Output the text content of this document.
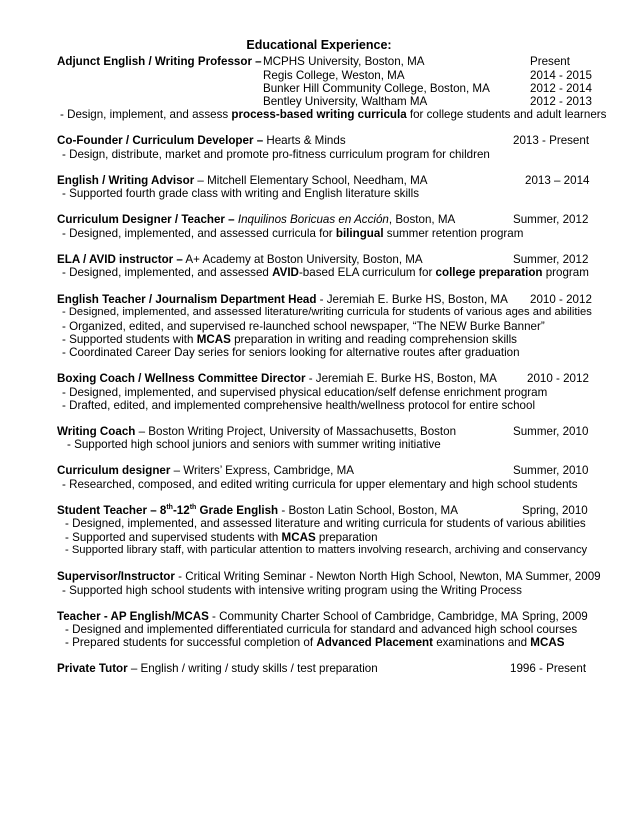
Educational Experience:
Adjunct English / Writing Professor – MCPHS University, Boston, MA	Present
Regis College, Weston, MA	2014 - 2015
Bunker Hill Community College, Boston, MA	2012 - 2014
Bentley University, Waltham MA	2012 - 2013
- Design, implement, and assess process-based writing curricula for college students and adult learners
Co-Founder / Curriculum Developer – Hearts & Minds	2013 - Present
- Design, distribute, market and promote pro-fitness curriculum program for children
English / Writing Advisor – Mitchell Elementary School, Needham, MA	2013 – 2014
- Supported fourth grade class with writing and English literature skills
Curriculum Designer / Teacher – Inquilinos Boricuas en Acción, Boston, MA	Summer, 2012
- Designed, implemented, and assessed curricula for bilingual summer retention program
ELA / AVID instructor – A+ Academy at Boston University, Boston, MA	Summer, 2012
- Designed, implemented, and assessed AVID-based ELA curriculum for college preparation program
English Teacher / Journalism Department Head - Jeremiah E. Burke HS, Boston, MA 2010 - 2012
- Designed, implemented, and assessed literature/writing curricula for students of various ages and abilities
- Organized, edited, and supervised re-launched school newspaper, “The NEW Burke Banner”
- Supported students with MCAS preparation in writing and reading comprehension skills
- Coordinated Career Day series for seniors looking for alternative routes after graduation
Boxing Coach / Wellness Committee Director - Jeremiah E. Burke HS, Boston, MA	2010 - 2012
- Designed, implemented, and supervised physical education/self defense enrichment program
- Drafted, edited, and implemented comprehensive health/wellness protocol for entire school
Writing Coach – Boston Writing Project, University of Massachusetts, Boston	Summer, 2010
- Supported high school juniors and seniors with summer writing initiative
Curriculum designer – Writers’ Express, Cambridge, MA	Summer, 2010
- Researched, composed, and edited writing curricula for upper elementary and high school students
Student Teacher – 8th-12th Grade English - Boston Latin School, Boston, MA	Spring, 2010
- Designed, implemented, and assessed literature and writing curricula for students of various abilities
- Supported and supervised students with MCAS preparation
- Supported library staff, with particular attention to matters involving research, archiving and conservancy
Supervisor/Instructor - Critical Writing Seminar - Newton North High School, Newton, MA Summer, 2009
- Supported high school students with intensive writing program using the Writing Process
Teacher - AP English/MCAS - Community Charter School of Cambridge, Cambridge, MA Spring, 2009
- Designed and implemented differentiated curricula for standard and advanced high school courses
- Prepared students for successful completion of Advanced Placement examinations and MCAS
Private Tutor – English / writing / study skills / test preparation	1996 - Present
